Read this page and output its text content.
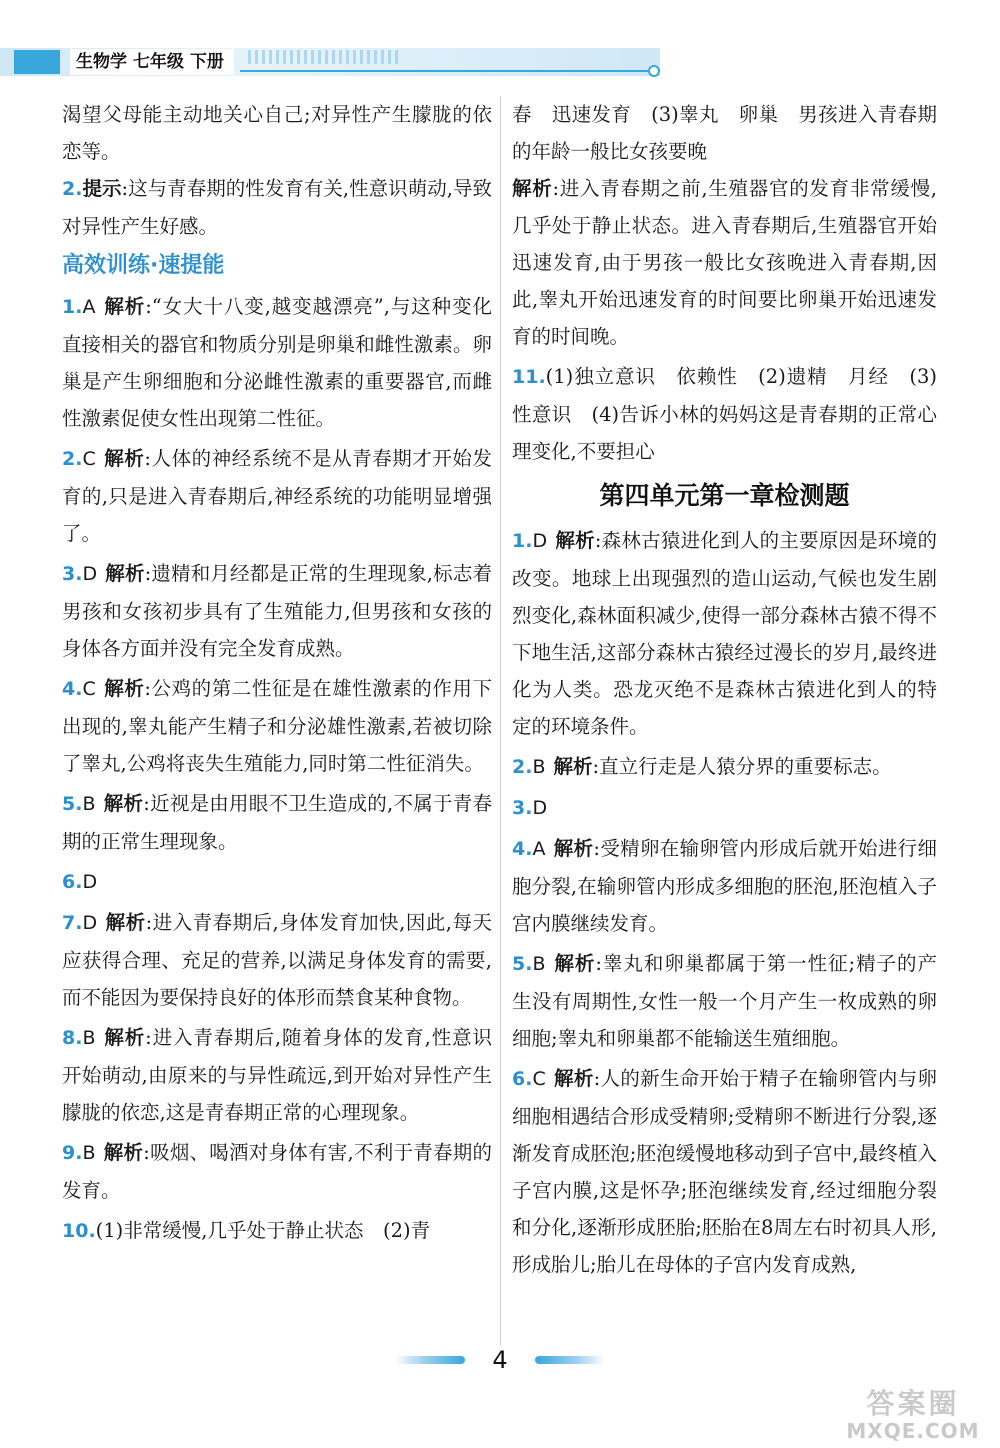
生物学 七年级 下册

渴望父母能主动地关心自己;对异性产生朦胧的依恋等。

2.提示:这与青春期的性发育有关,性意识萌动,导致对异性产生好感。

高效训练·速提能

1.A 解析:“女大十八变,越变越漂亮”,与这种变化直接相关的器官和物质分别是卵巢和雌性激素。卵巢是产生卵细胞和分泌雌性激素的重要器官,而雌性激素促使女性出现第二性征。

2.C 解析:人体的神经系统不是从青春期才开始发育的,只是进入青春期后,神经系统的功能明显增强了。

3.D 解析:遗精和月经都是正常的生理现象,标志着男孩和女孩初步具有了生殖能力,但男孩和女孩的身体各方面并没有完全发育成熟。

4.C 解析:公鸡的第二性征是在雄性激素的作用下出现的,睾丸能产生精子和分泌雄性激素,若被切除了睾丸,公鸡将丧失生殖能力,同时第二性征消失。

5.B 解析:近视是由用眼不卫生造成的,不属于青春期的正常生理现象。

6.D

7.D 解析:进入青春期后,身体发育加快,因此,每天应获得合理、充足的营养,以满足身体发育的需要,而不能因为要保持良好的体形而禁食某种食物。

8.B 解析:进入青春期后,随着身体的发育,性意识开始萌动,由原来的与异性疏远,到开始对异性产生朦胧的依恋,这是青春期正常的心理现象。

9.B 解析:吸烟、喝酒对身体有害,不利于青春期的发育。

10.(1)非常缓慢,几乎处于静止状态　(2)青

春　迅速发育　(3)睾丸　卵巢　男孩进入青春期的年龄一般比女孩要晚

解析:进入青春期之前,生殖器官的发育非常缓慢,几乎处于静止状态。进入青春期后,生殖器官开始迅速发育,由于男孩一般比女孩晚进入青春期,因此,睾丸开始迅速发育的时间要比卵巢开始迅速发育的时间晚。

11.(1)独立意识　依赖性　(2)遗精　月经　(3)性意识　(4)告诉小林的妈妈这是青春期的正常心理变化,不要担心

第四单元第一章检测题

1.D 解析:森林古猿进化到人的主要原因是环境的改变。地球上出现强烈的造山运动,气候也发生剧烈变化,森林面积减少,使得一部分森林古猿不得不下地生活,这部分森林古猿经过漫长的岁月,最终进化为人类。恐龙灭绝不是森林古猿进化到人的特定的环境条件。

2.B 解析:直立行走是人猿分界的重要标志。

3.D

4.A 解析:受精卵在输卵管内形成后就开始进行细胞分裂,在输卵管内形成多细胞的胚泡,胚泡植入子宫内膜继续发育。

5.B 解析:睾丸和卵巢都属于第一性征;精子的产生没有周期性,女性一般一个月产生一枚成熟的卵细胞;睾丸和卵巢都不能输送生殖细胞。

6.C 解析:人的新生命开始于精子在输卵管内与卵细胞相遇结合形成受精卵;受精卵不断进行分裂,逐渐发育成胚泡;胚泡缓慢地移动到子宫中,最终植入子宫内膜,这是怀孕;胚泡继续发育,经过细胞分裂和分化,逐渐形成胚胎;胚胎在8周左右时初具人形,形成胎儿;胎儿在母体的子宫内发育成熟,

4
答案圈
MXQE.COM
